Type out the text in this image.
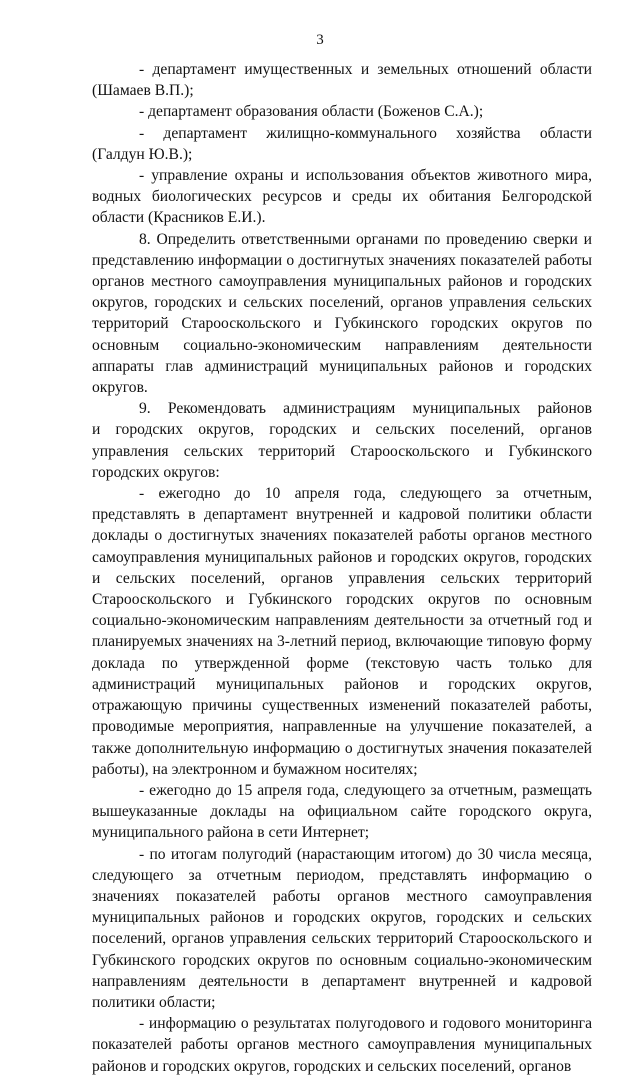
3

- департамент имущественных и земельных отношений области (Шамаев В.П.);

- департамент образования области (Боженов С.А.);

- департамент жилищно-коммунального хозяйства области

(Галдун Ю.В.);

- управление охраны и использования объектов животного мира, водных биологических ресурсов и среды их обитания Белгородской области (Красников Е.И.).

8. Определить ответственными органами по проведению сверки и представлению информации о достигнутых значениях показателей работы органов местного самоуправления муниципальных районов и городских округов, городских и сельских поселений, органов управления сельских территорий Старооскольского и Губкинского городских округов по основным социально-экономическим направлениям деятельности аппараты глав администраций муниципальных районов и городских округов.

9. Рекомендовать администрациям муниципальных районов

и городских округов, городских и сельских поселений, органов управления сельских территорий Старооскольского и Губкинского городских округов:

- ежегодно до 10 апреля года, следующего за отчетным, представлять в департамент внутренней и кадровой политики области доклады о достигнутых значениях показателей работы органов местного самоуправления муниципальных районов и городских округов, городских и сельских поселений, органов управления сельских территорий Старооскольского и Губкинского городских округов по основным социально-экономическим направлениям деятельности за отчетный год и планируемых значениях на 3-летний период, включающие типовую форму доклада по утвержденной форме (текстовую часть только для администраций муниципальных районов и городских округов, отражающую причины существенных изменений показателей работы, проводимые мероприятия, направленные на улучшение показателей, а также дополнительную информацию о достигнутых значения показателей работы), на электронном и бумажном носителях;

- ежегодно до 15 апреля года, следующего за отчетным, размещать вышеуказанные доклады на официальном сайте городского округа, муниципального района в сети Интернет;

- по итогам полугодий (нарастающим итогом) до 30 числа месяца, следующего за отчетным периодом, представлять информацию о значениях показателей работы органов местного самоуправления муниципальных районов и городских округов, городских и сельских поселений, органов управления сельских территорий Старооскольского и Губкинского городских округов по основным социально-экономическим направлениям деятельности в департамент внутренней и кадровой политики области;

- информацию о результатах полугодового и годового мониторинга показателей работы органов местного самоуправления муниципальных районов и городских округов, городских и сельских поселений, органов
